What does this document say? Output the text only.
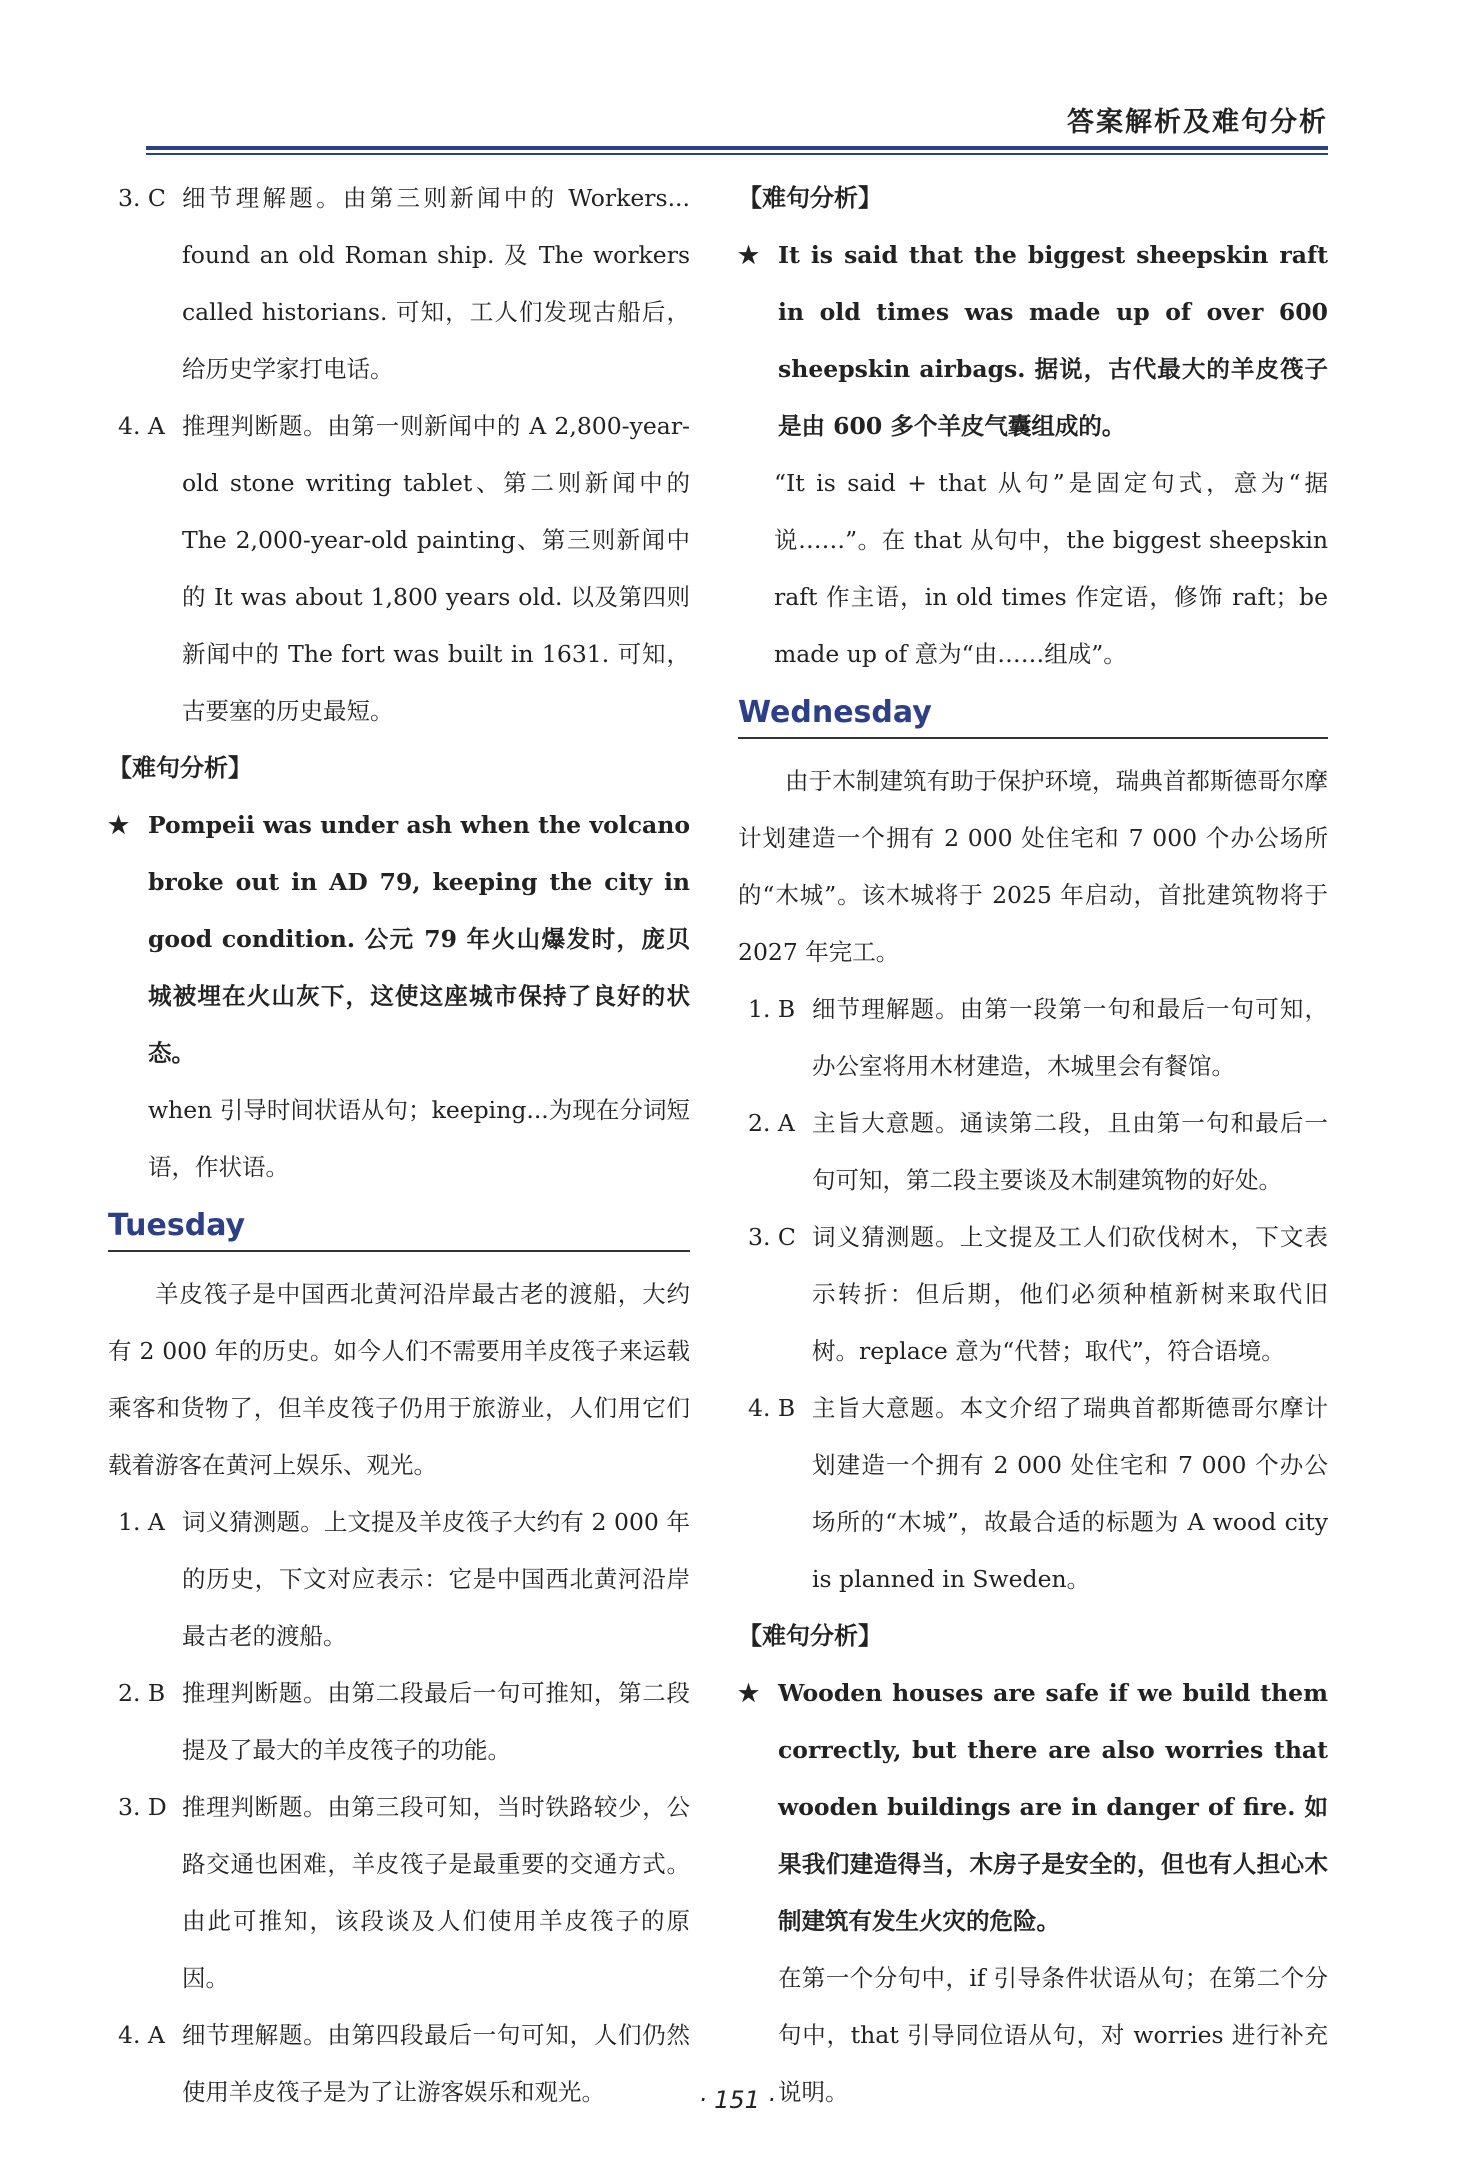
答案解析及难句分析
3. C 细节理解题。由第三则新闻中的 Workers... found an old Roman ship. 及 The workers called historians. 可知，工人们发现古船后，给历史学家打电话。
4. A 推理判断题。由第一则新闻中的 A 2,800-year-old stone writing tablet、第二则新闻中的 The 2,000-year-old painting、第三则新闻中的 It was about 1,800 years old. 以及第四则新闻中的 The fort was built in 1631. 可知，古要塞的历史最短。
【难句分析】
★ Pompeii was under ash when the volcano broke out in AD 79, keeping the city in good condition. 公元 79 年火山爆发时，庞贝城被埋在火山灰下，这使这座城市保持了良好的状态。
when 引导时间状语从句；keeping...为现在分词短语，作状语。
Tuesday
羊皮筏子是中国西北黄河沿岸最古老的渡船，大约有 2 000 年的历史。如今人们不需要用羊皮筏子来运载乘客和货物了，但羊皮筏子仍用于旅游业，人们用它们载着游客在黄河上娱乐、观光。
1. A 词义猜测题。上文提及羊皮筏子大约有 2 000 年的历史，下文对应表示：它是中国西北黄河沿岸最古老的渡船。
2. B 推理判断题。由第二段最后一句可推知，第二段提及了最大的羊皮筏子的功能。
3. D 推理判断题。由第三段可知，当时铁路较少，公路交通也困难，羊皮筏子是最重要的交通方式。由此可推知，该段谈及人们使用羊皮筏子的原因。
4. A 细节理解题。由第四段最后一句可知，人们仍然使用羊皮筏子是为了让游客娱乐和观光。
【难句分析】
★ It is said that the biggest sheepskin raft in old times was made up of over 600 sheepskin airbags. 据说，古代最大的羊皮筏子是由 600 多个羊皮气囊组成的。
“It is said + that 从句”是固定句式，意为“据说……”。在 that 从句中，the biggest sheepskin raft 作主语，in old times 作定语，修饰 raft；be made up of 意为“由……组成”。
Wednesday
由于木制建筑有助于保护环境，瑞典首都斯德哥尔摩计划建造一个拥有 2 000 处住宅和 7 000 个办公场所的“木城”。该木城将于 2025 年启动，首批建筑物将于 2027 年完工。
1. B 细节理解题。由第一段第一句和最后一句可知，办公室将用木材建造，木城里会有餐馆。
2. A 主旨大意题。通读第二段，且由第一句和最后一句可知，第二段主要谈及木制建筑物的好处。
3. C 词义猜测题。上文提及工人们砍伐树木，下文表示转折：但后期，他们必须种植新树来取代旧树。replace 意为“代替；取代”，符合语境。
4. B 主旨大意题。本文介绍了瑞典首都斯德哥尔摩计划建造一个拥有 2 000 处住宅和 7 000 个办公场所的“木城”，故最合适的标题为 A wood city is planned in Sweden。
【难句分析】
★ Wooden houses are safe if we build them correctly, but there are also worries that wooden buildings are in danger of fire. 如果我们建造得当，木房子是安全的，但也有人担心木制建筑有发生火灾的危险。
在第一个分句中，if 引导条件状语从句；在第二个分句中，that 引导同位语从句，对 worries 进行补充说明。
· 151 ·
